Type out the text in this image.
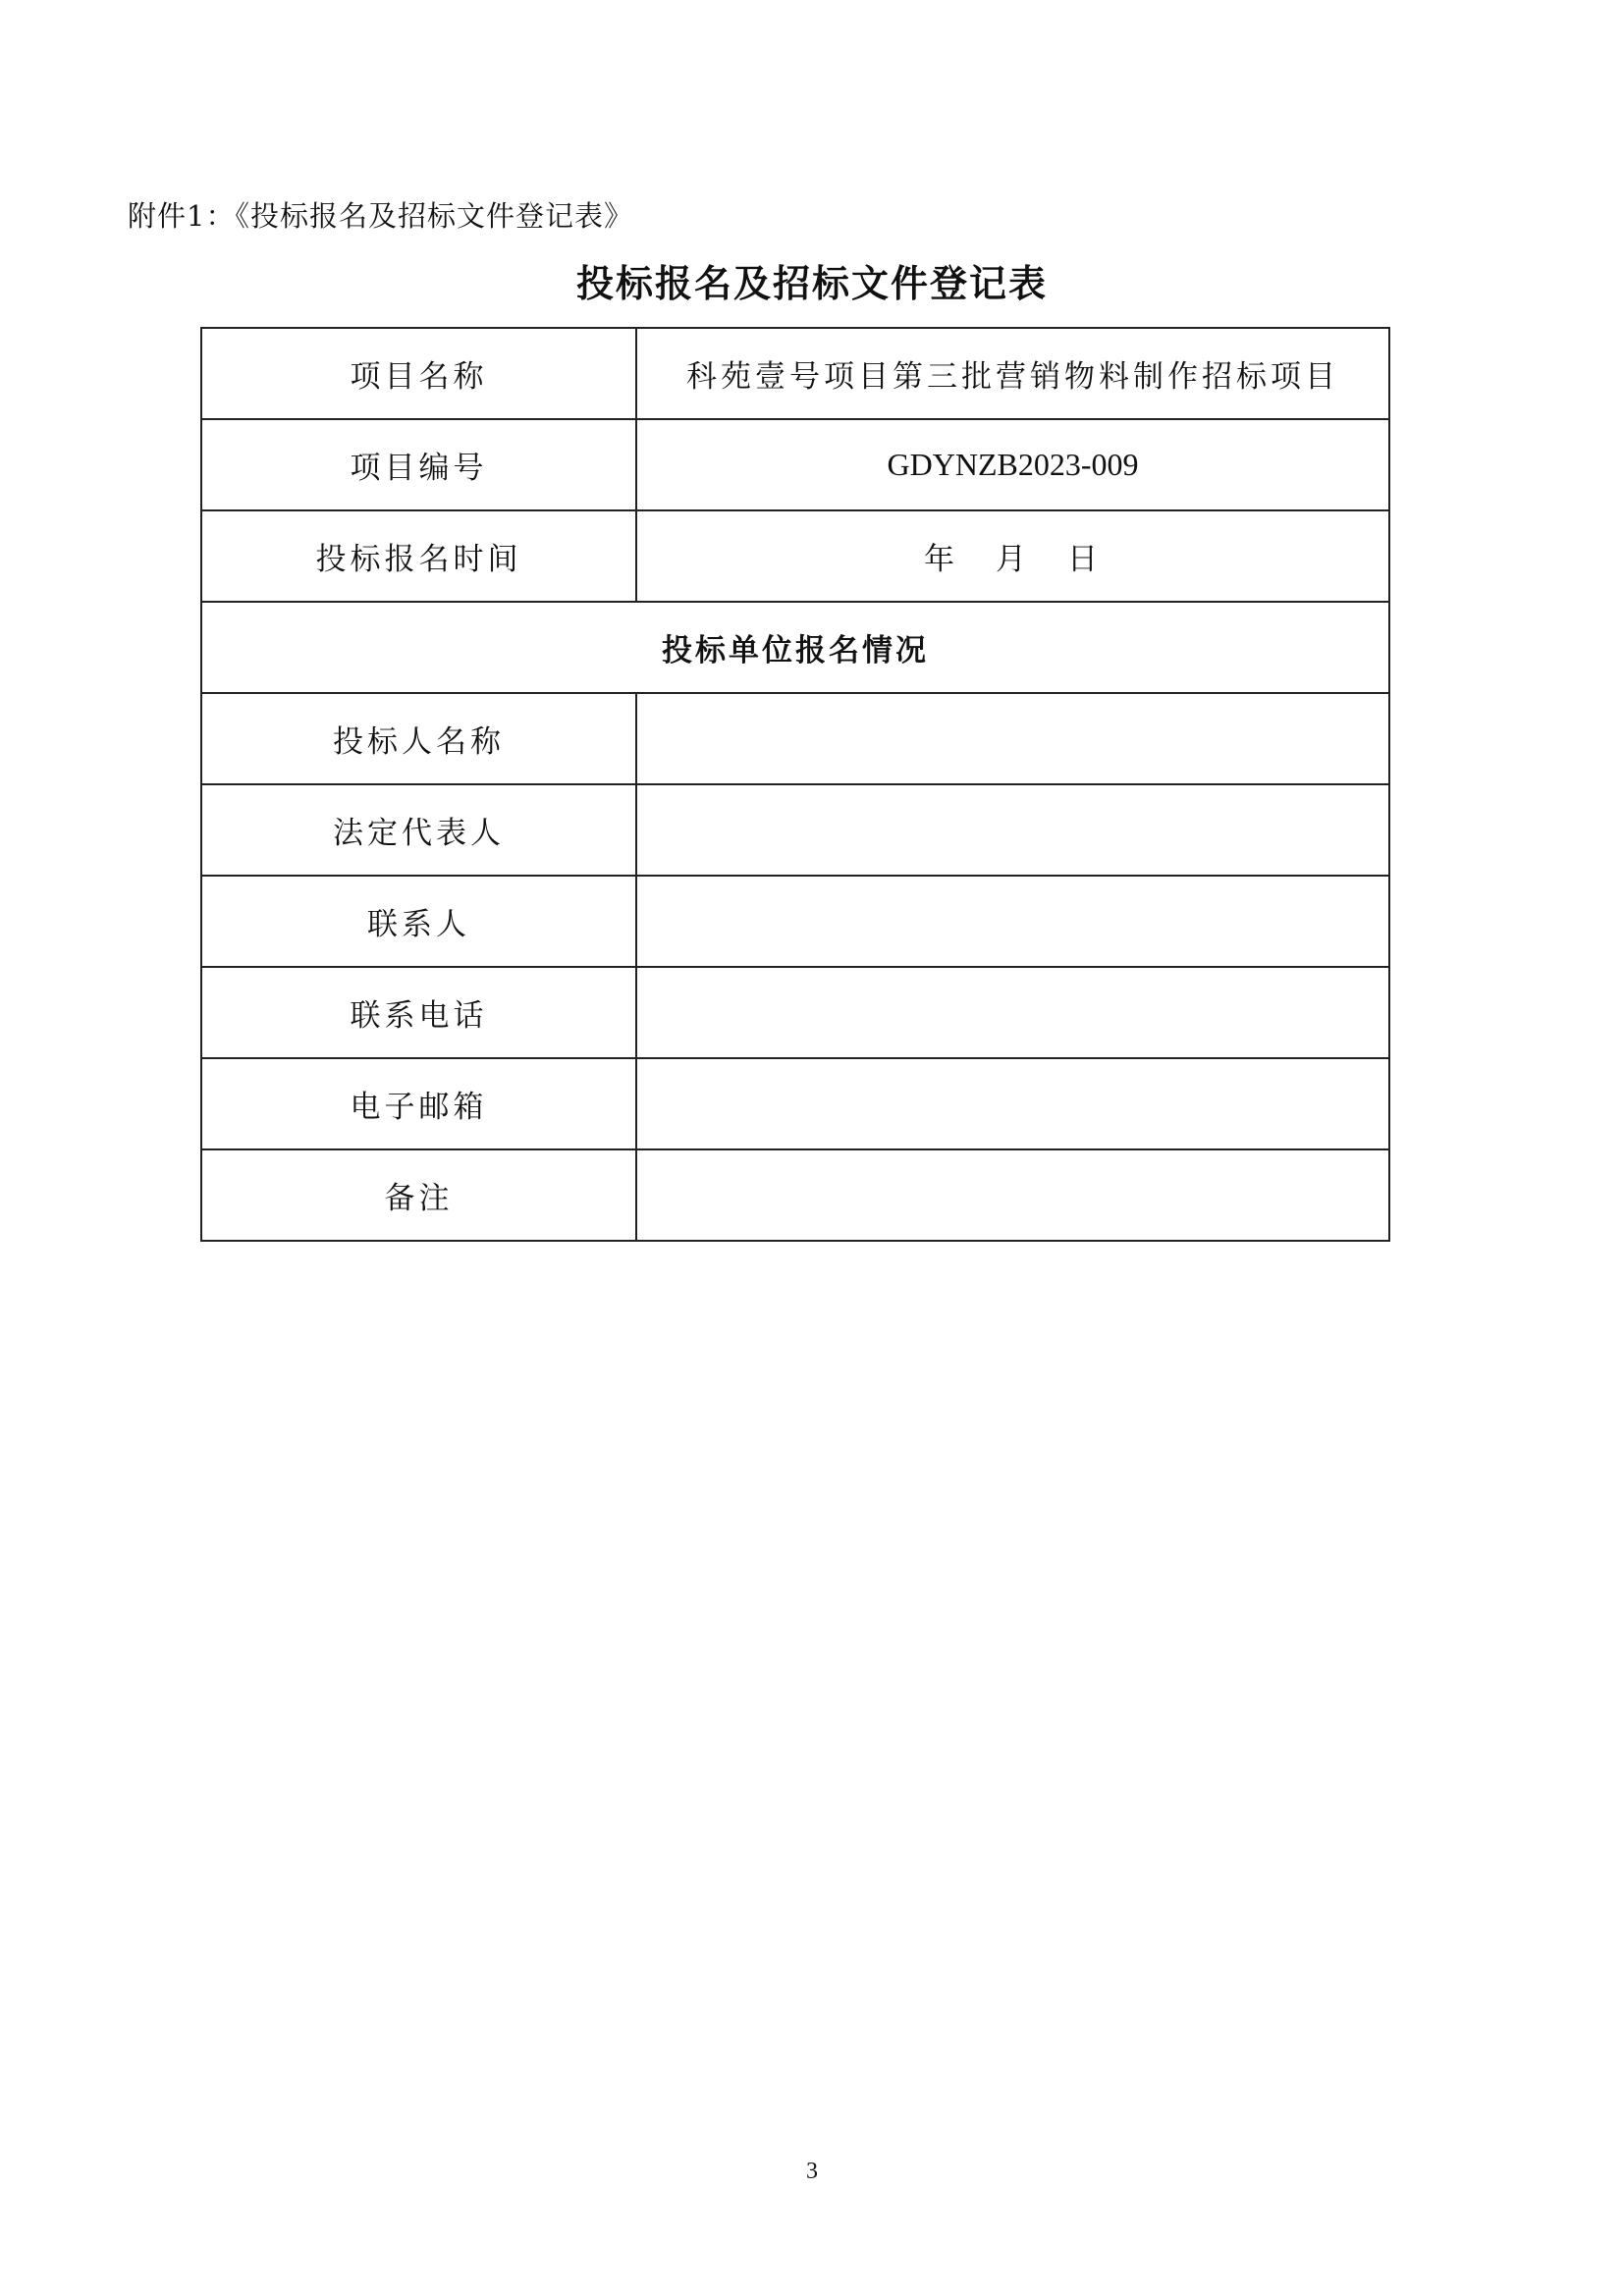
附件1：《投标报名及招标文件登记表》
投标报名及招标文件登记表
项目名称	科苑壹号项目第三批营销物料制作招标项目
项目编号	GDYNZB2023-009
投标报名时间	年 月 日
投标单位报名情况	
投标人名称	
法定代表人	
联系人	
联系电话	
电子邮箱	
备注	
3
